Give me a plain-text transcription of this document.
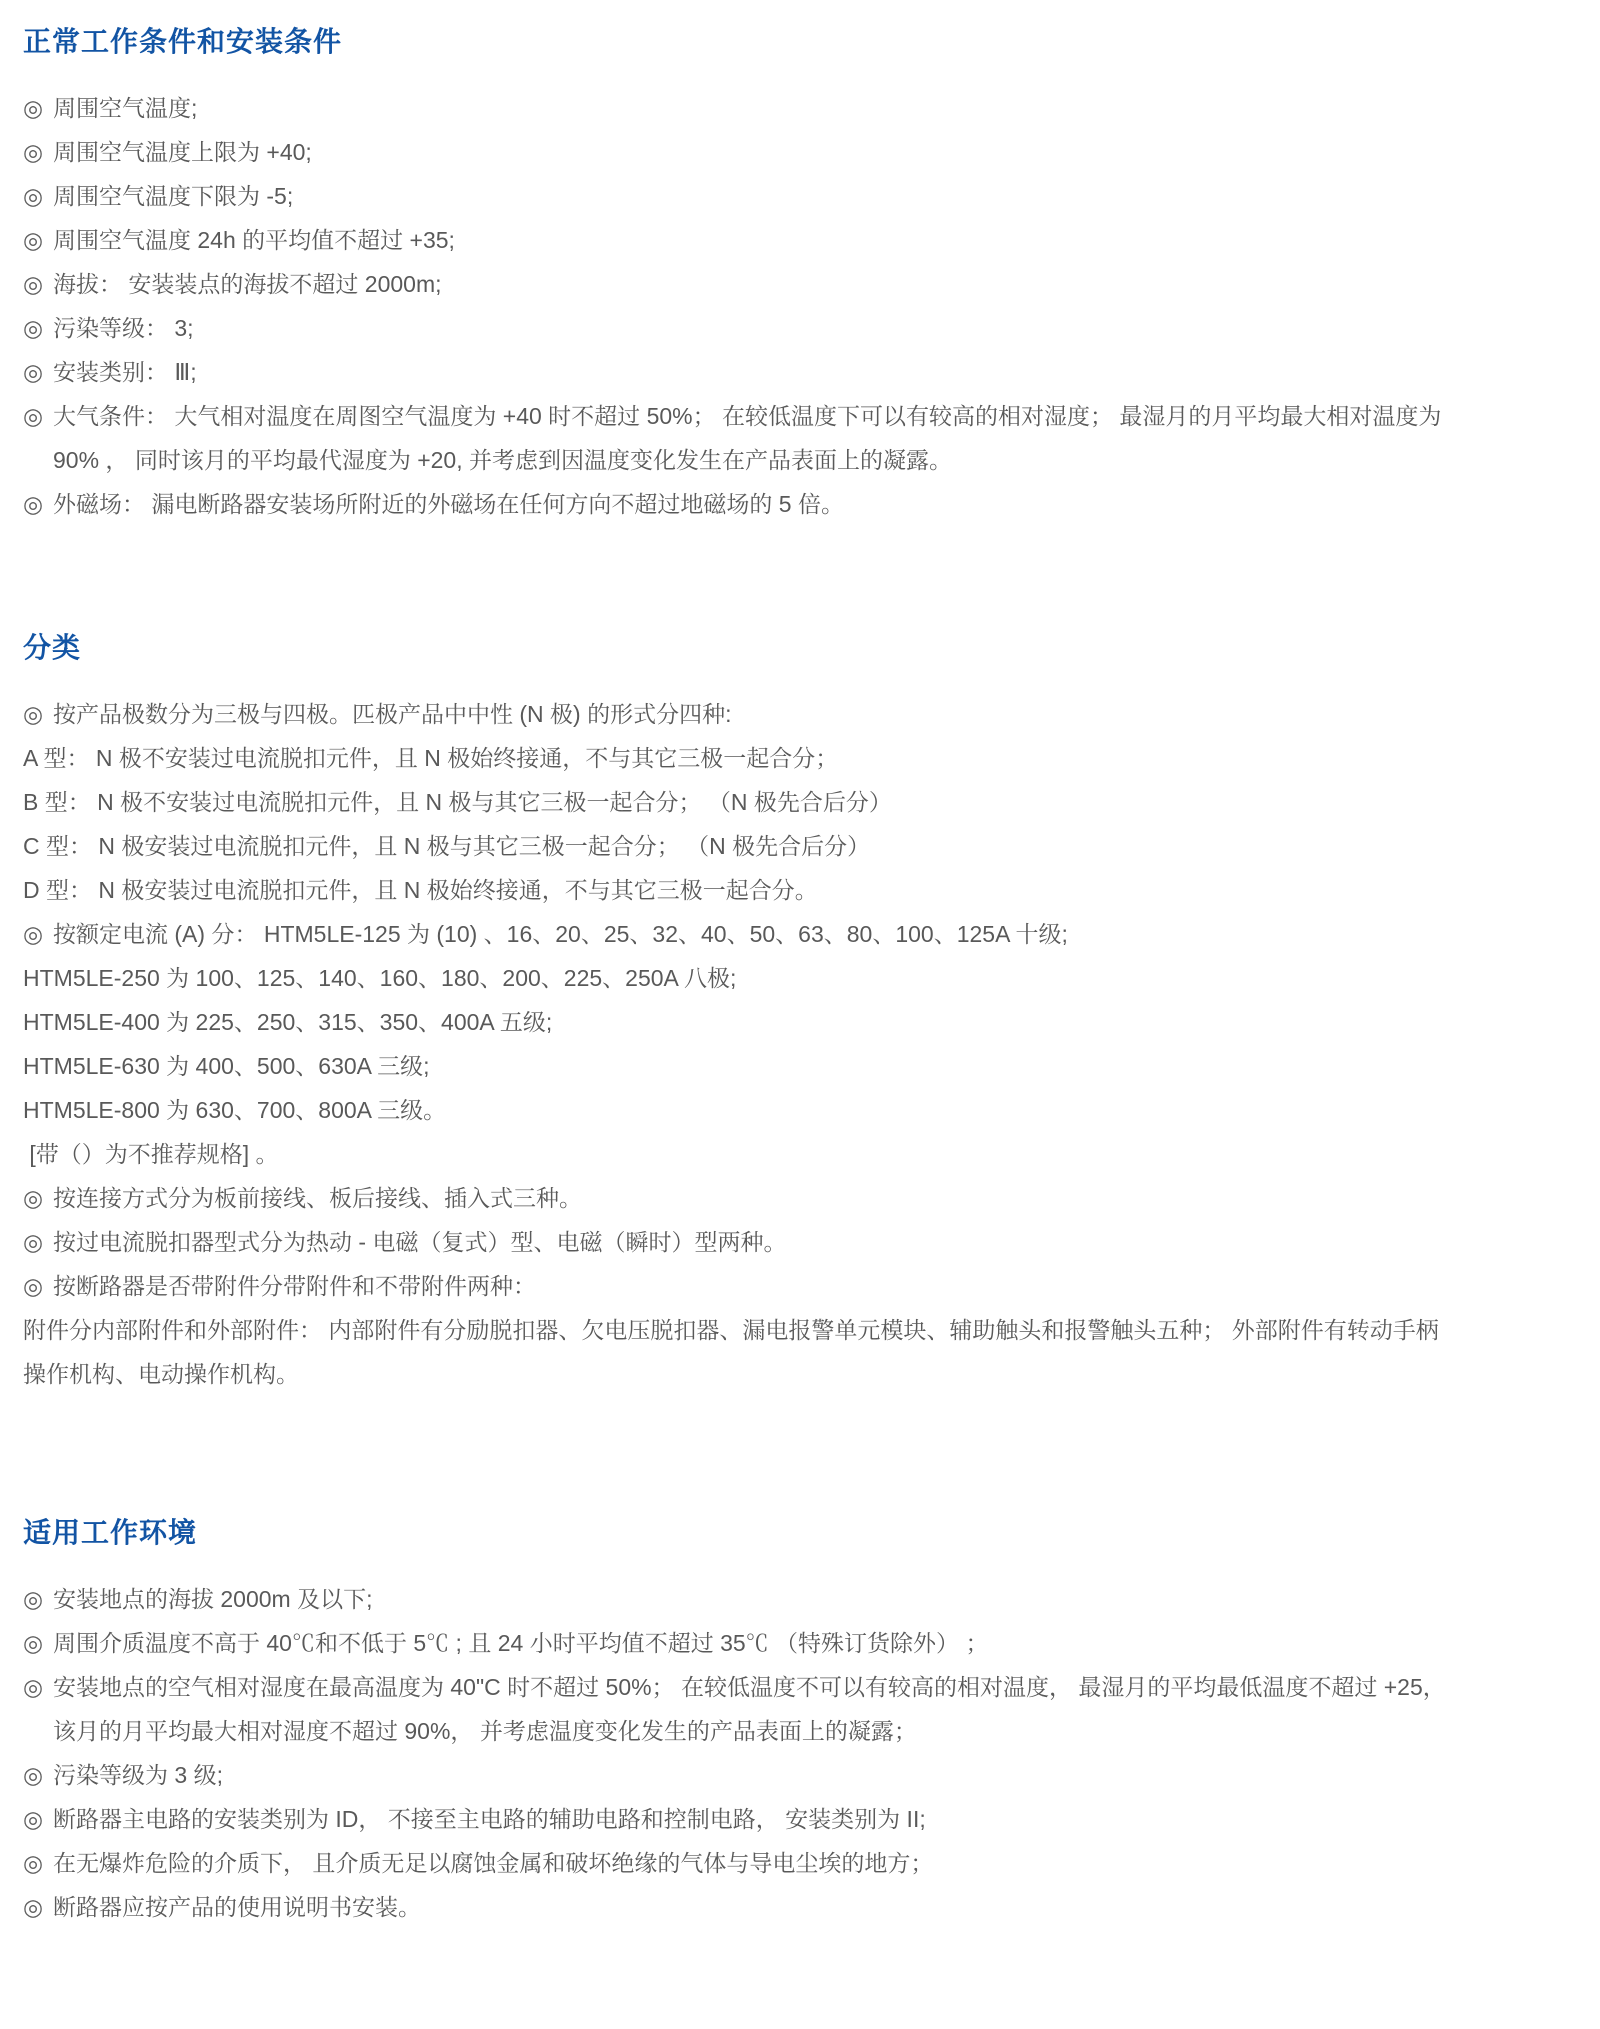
正常工作条件和安装条件
◎ 周围空气温度;
◎ 周围空气温度上限为 +40;
◎ 周围空气温度下限为 -5;
◎ 周围空气温度 24h 的平均值不超过 +35;
◎ 海拔： 安装装点的海拔不超过 2000m;
◎ 污染等级： 3;
◎ 安装类别： Ⅲ;
◎ 大气条件： 大气相对温度在周图空气温度为 +40 时不超过 50%； 在较低温度下可以有较高的相对湿度； 最湿月的月平均最大相对温度为
90% ， 同时该月的平均最代湿度为 +20, 并考虑到因温度变化发生在产品表面上的凝露。
◎ 外磁场： 漏电断路器安装场所附近的外磁场在任何方向不超过地磁场的 5 倍。
分类
◎ 按产品极数分为三极与四极。匹极产品中中性 (N 极) 的形式分四种:
A 型： N 极不安装过电流脱扣元件，且 N 极始终接通，不与其它三极一起合分；
B 型： N 极不安装过电流脱扣元件，且 N 极与其它三极一起合分； （N 极先合后分）
C 型： N 极安装过电流脱扣元件，且 N 极与其它三极一起合分； （N 极先合后分）
D 型： N 极安装过电流脱扣元件，且 N 极始终接通，不与其它三极一起合分。
◎ 按额定电流 (A) 分： HTM5LE-125 为 (10) 、16、20、25、32、40、50、63、80、100、125A 十级;
HTM5LE-250 为 100、125、140、160、180、200、225、250A 八极;
HTM5LE-400 为 225、250、315、350、400A 五级;
HTM5LE-630 为 400、500、630A 三级;
HTM5LE-800 为 630、700、800A 三级。
[带（）为不推荐规格] 。
◎ 按连接方式分为板前接线、板后接线、插入式三种。
◎ 按过电流脱扣器型式分为热动 - 电磁（复式）型、电磁（瞬时）型两种。
◎ 按断路器是否带附件分带附件和不带附件两种：
附件分内部附件和外部附件： 内部附件有分励脱扣器、欠电压脱扣器、漏电报警单元模块、辅助触头和报警触头五种； 外部附件有转动手柄
操作机构、电动操作机构。
适用工作环境
◎ 安装地点的海拔 2000m 及以下;
◎ 周围介质温度不高于 40℃和不低于 5℃ ; 且 24 小时平均值不超过 35℃ （特殊订货除外） ；
◎ 安装地点的空气相对湿度在最高温度为 40"C 时不超过 50%； 在较低温度不可以有较高的相对温度， 最湿月的平均最低温度不超过 +25，
该月的月平均最大相对湿度不超过 90%， 并考虑温度变化发生的产品表面上的凝露；
◎ 污染等级为 3 级;
◎ 断路器主电路的安装类别为 ID， 不接至主电路的辅助电路和控制电路， 安装类别为 II;
◎ 在无爆炸危险的介质下， 且介质无足以腐蚀金属和破坏绝缘的气体与导电尘埃的地方；
◎ 断路器应按产品的使用说明书安装。
